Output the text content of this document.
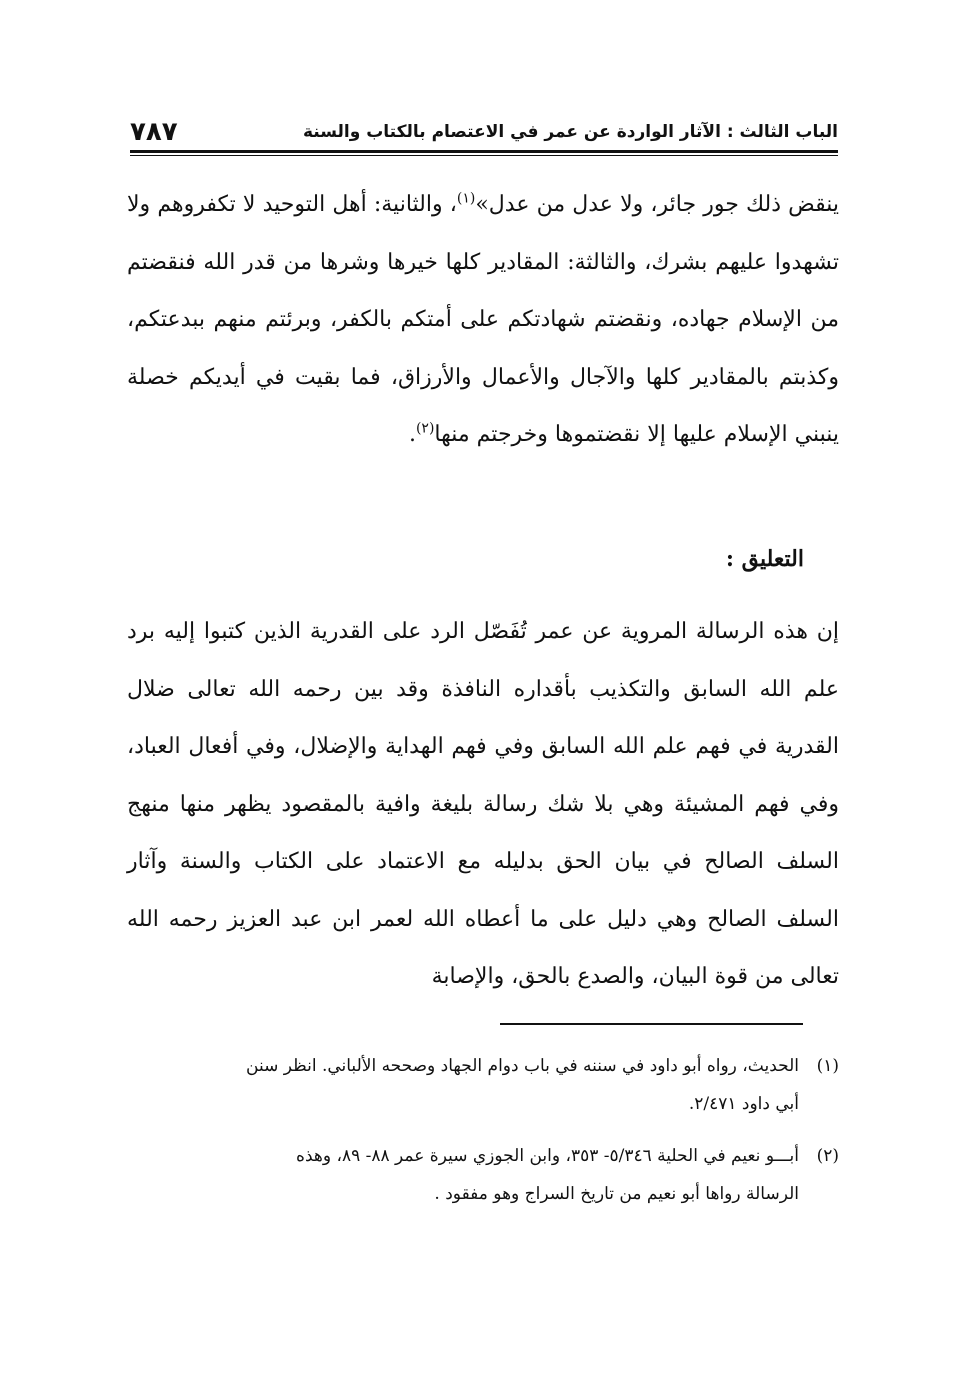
الباب الثالث : الآثار الواردة عن عمر في الاعتصام بالكتاب والسنة
٧٨٧
ينقض ذلك جور جائر، ولا عدل من عدل»$^{(١)}$، والثانية: أهل التوحيد لا تكفروهم ولا تشهدوا عليهم بشرك، والثالثة: المقادير كلها خيرها وشرها من قدر الله فنقضتم من الإسلام جهاده، ونقضتم شهادتكم على أمتكم بالكفر، وبرئتم منهم ببدعتكم، وكذبتم بالمقادير كلها والآجال والأعمال والأرزاق، فما بقيت في أيديكم خصلة ينبني الإسلام عليها إلا نقضتموها وخرجتم منها$^{(٢)}$.
التعليق :
إن هذه الرسالة المروية عن عمر تُفَصّل الرد على القدرية الذين كتبوا إليه برد علم الله السابق والتكذيب بأقداره النافذة وقد بين رحمه الله تعالى ضلال القدرية في فهم علم الله السابق وفي فهم الهداية والإضلال، وفي أفعال العباد، وفي فهم المشيئة وهي بلا شك رسالة بليغة وافية بالمقصود يظهر منها منهج السلف الصالح في بيان الحق بدليله مع الاعتماد على الكتاب والسنة وآثار السلف الصالح وهي دليل على ما أعطاه الله لعمر ابن عبد العزيز رحمه الله تعالى من قوة البيان، والصدع بالحق، والإصابة
(١)الحديث، رواه أبو داود في سننه في باب دوام الجهاد وصححه الألباني. انظر سنن
أبي داود ٢/٤٧١.
(٢)أبـــو نعيم في الحلية ٥/٣٤٦- ٣٥٣، وابن الجوزي سيرة عمر ٨٨- ٨٩، وهذه
الرسالة رواها أبو نعيم من تاريخ السراج وهو مفقود .
